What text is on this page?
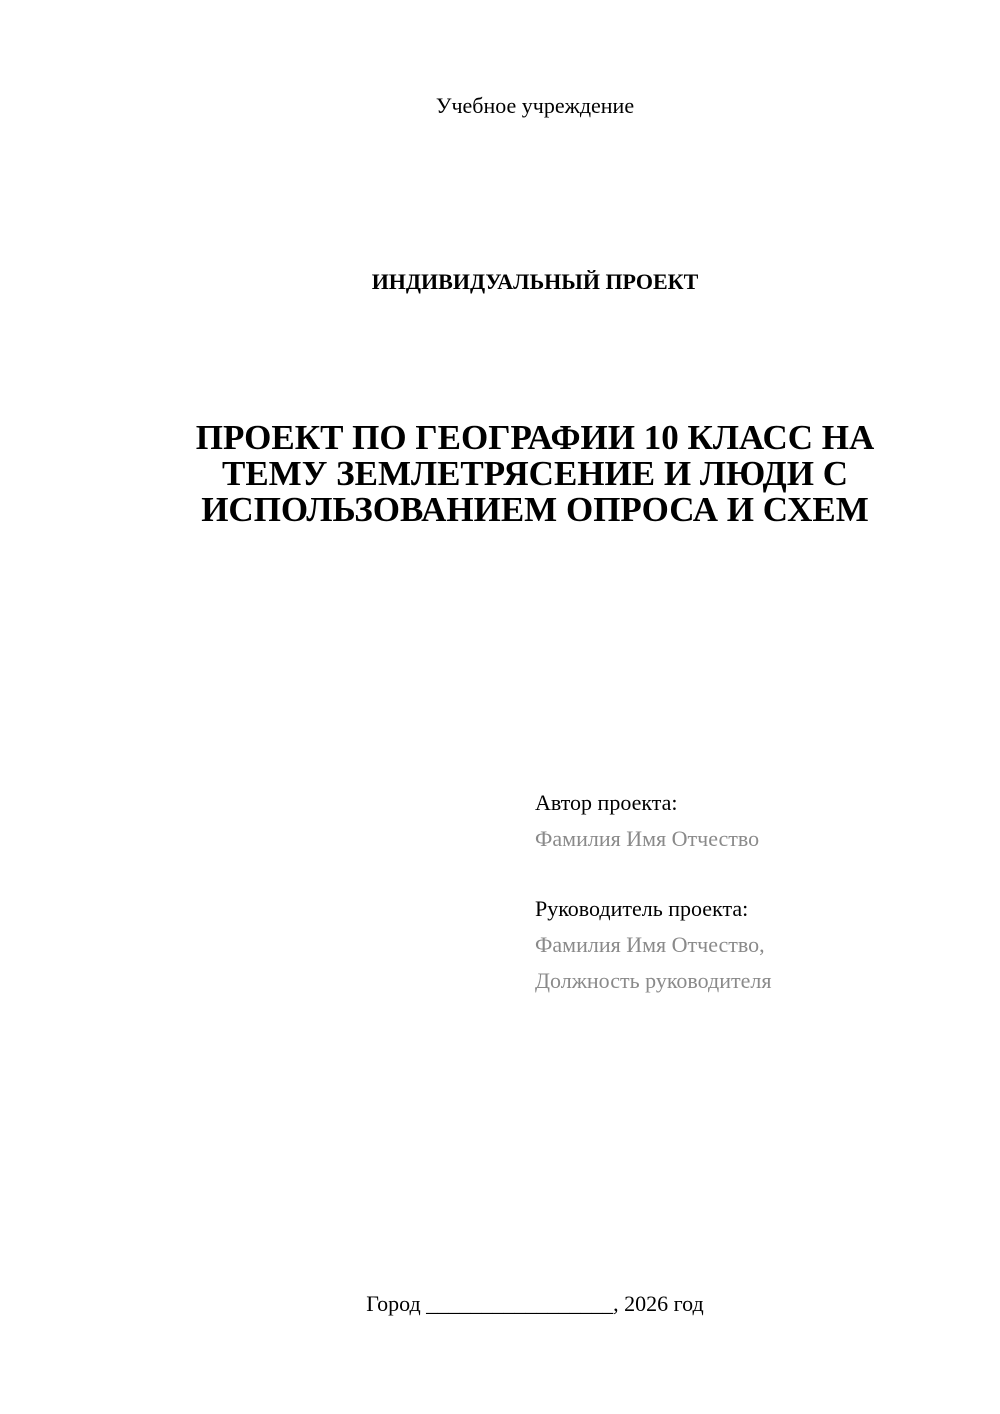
Учебное учреждение
ИНДИВИДУАЛЬНЫЙ ПРОЕКТ
ПРОЕКТ ПО ГЕОГРАФИИ 10 КЛАСС НА
ТЕМУ ЗЕМЛЕТРЯСЕНИЕ И ЛЮДИ С
ИСПОЛЬЗОВАНИЕМ ОПРОСА И СХЕМ
Автор проекта:
Фамилия Имя Отчество
Руководитель проекта:
Фамилия Имя Отчество,
Должность руководителя
Город _________________, 2026 год
